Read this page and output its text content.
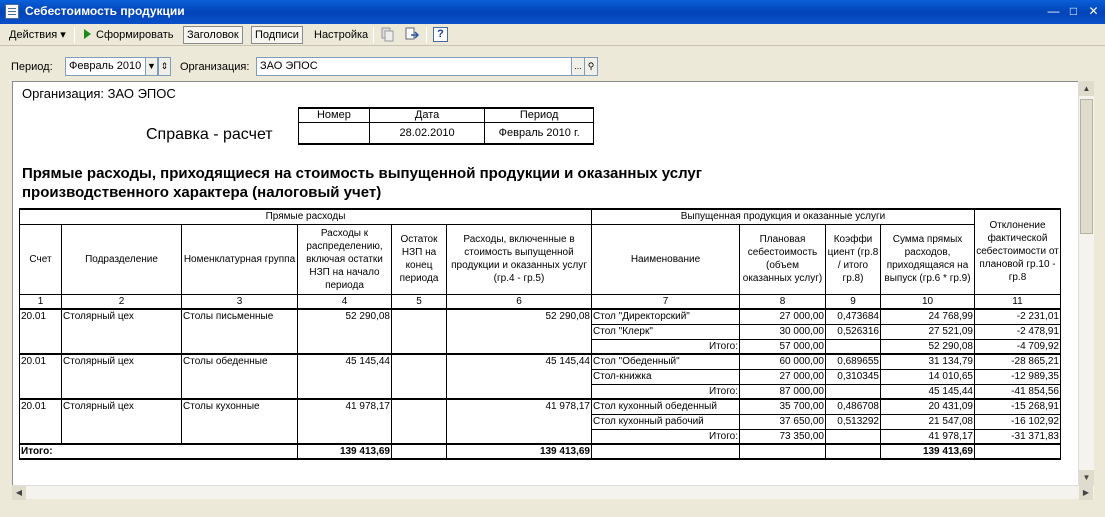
Себестоимость продукции	— □ ✕
Действия ▾	Сформировать	Заголовок	Подписи	Настройка	?
Период:	Февраль 2010 ▼ ⇕ Организация: ЗАО ЭПОС	... ⚲
Организация: ЗАО ЭПОС
Справка - расчет
Номер	Дата	Период
	28.02.2010	Февраль 2010 г.
Прямые расходы, приходящиеся на стоимость выпущенной продукции и оказанных услуг
производственного характера (налоговый учет)
Прямые расходы						Выпущенная продукция и оказанные услуги				Отклонение фактической себестоимости от плановой гр.10 - гр.8
Счет	Подразделение	Номенклатурная группа	Расходы к распределению, включая остатки НЗП на начало периода	Остаток НЗП на конец периода	Расходы, включенные в стоимость выпущенной продукции и оказанных услуг (гр.4 - гр.5)	Наименование	Плановая себестоимость (объем оказанных услуг)	Коэффи циент (гр.8 / итого гр.8)	Сумма прямых расходов, приходящаяся на выпуск (гр.6 * гр.9)	
1	2	3	4	5	6	7	8	9	10	11
20.01	Столярный цех	Столы письменные	52 290,08		52 290,08	Стол "Директорский"	27 000,00	0,473684	24 768,99	-2 231,01
						Стол "Клерк"	30 000,00	0,526316	27 521,09	-2 478,91
						Итого:	57 000,00		52 290,08	-4 709,92
20.01	Столярный цех	Столы обеденные	45 145,44		45 145,44	Стол "Обеденный"	60 000,00	0,689655	31 134,79	-28 865,21
						Стол-книжка	27 000,00	0,310345	14 010,65	-12 989,35
						Итого:	87 000,00		45 145,44	-41 854,56
20.01	Столярный цех	Столы кухонные	41 978,17		41 978,17	Стол кухонный обеденный	35 700,00	0,486708	20 431,09	-15 268,91
						Стол кухонный рабочий	37 650,00	0,513292	21 547,08	-16 102,92
						Итого:	73 350,00		41 978,17	-31 371,83
Итого:			139 413,69		139 413,69				139 413,69	
▲
▼
◀	▶
